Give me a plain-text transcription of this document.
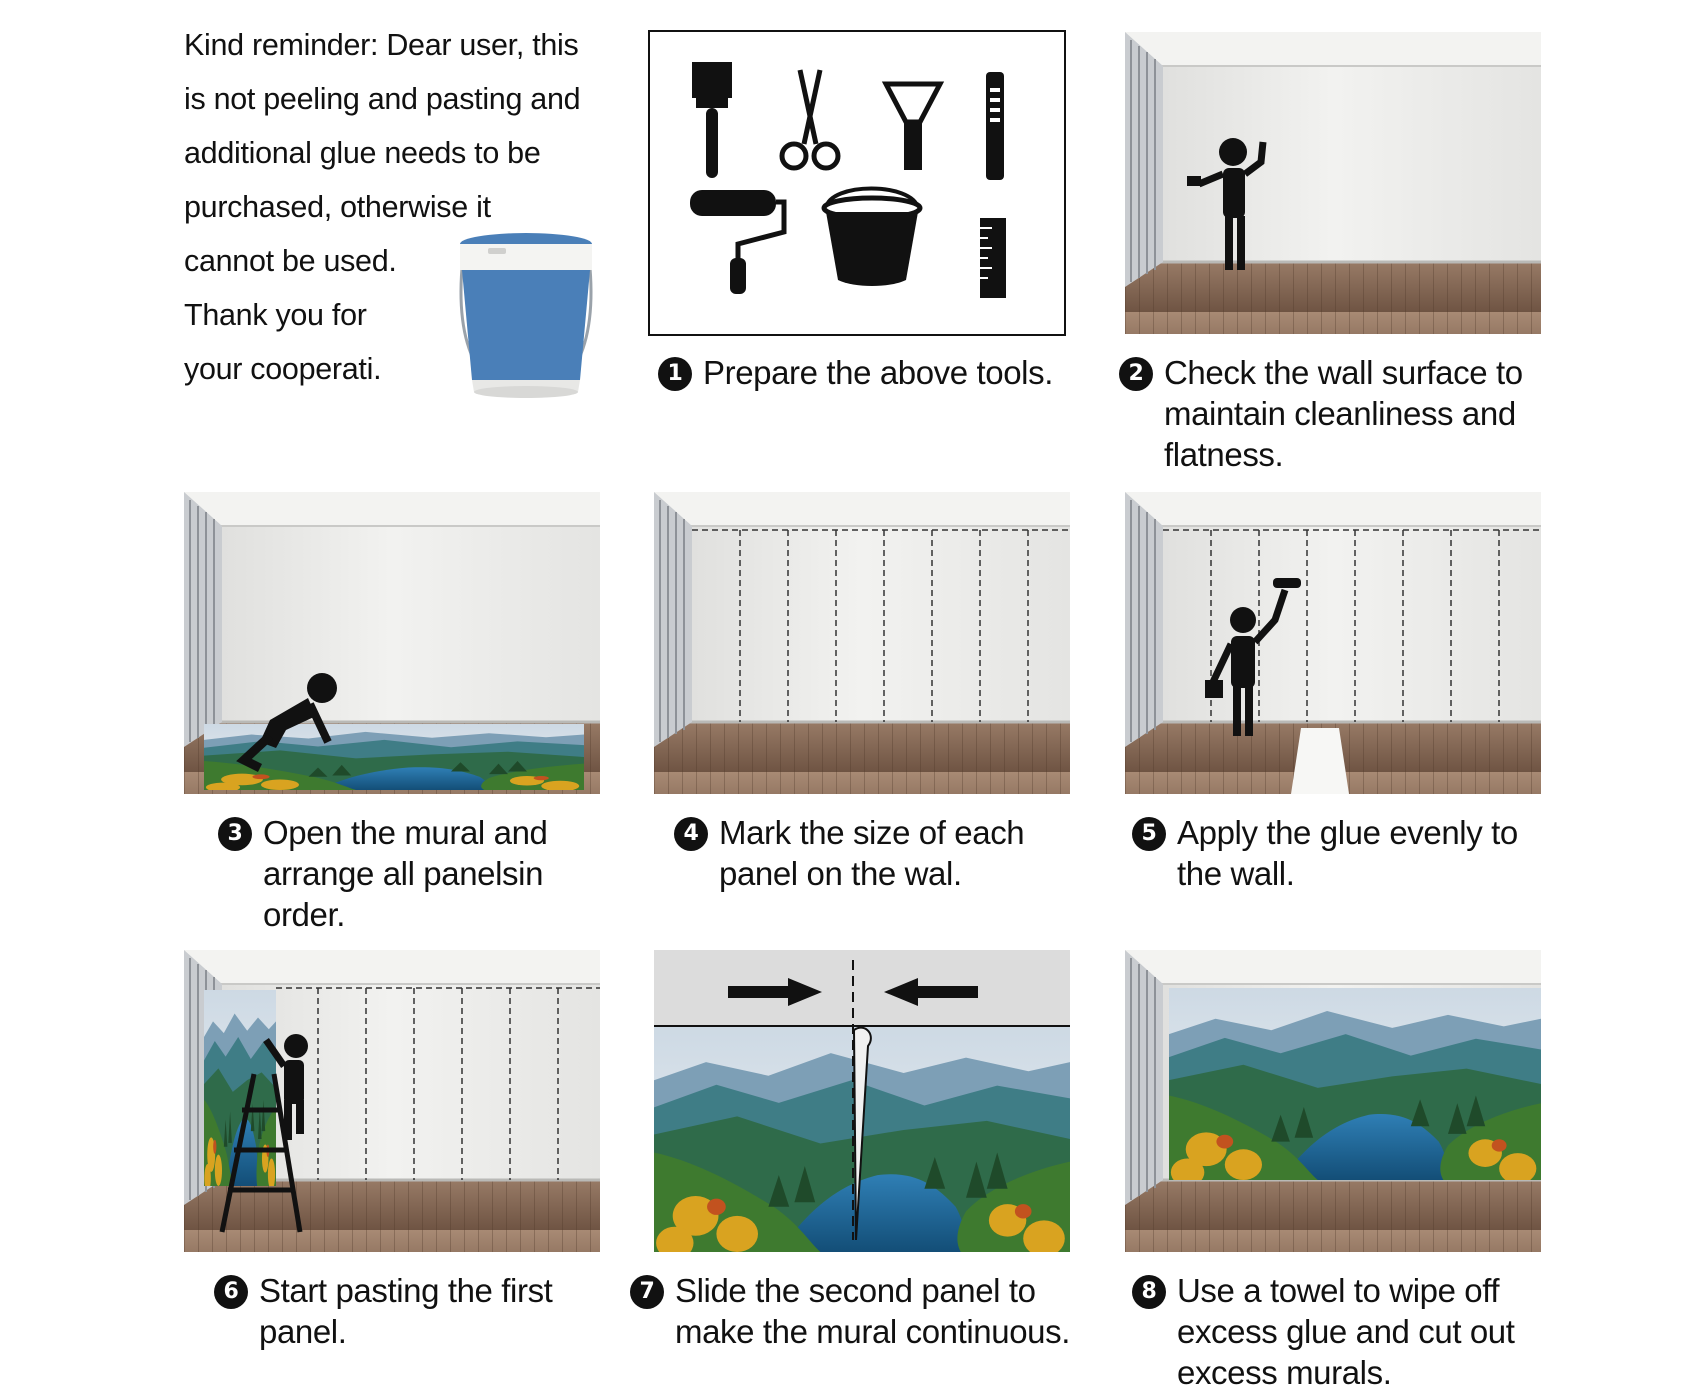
Kind reminder: Dear user, this

is not peeling and pasting and

additional glue needs to be

purchased, otherwise it

cannot be used.

Thank you for

your cooperati.	1 Prepare the above tools.	2 Check the wall surface to
maintain cleanliness and
flatness.
3 Open the mural and
arrange all panelsin
order.
4 Mark the size of each
panel on the wal.
5 Apply the glue evenly to
the wall.
6 Start pasting the first
panel.
7 Slide the second panel to
make the mural continuous.
8 Use a towel to wipe off
excess glue and cut out
excess murals.
